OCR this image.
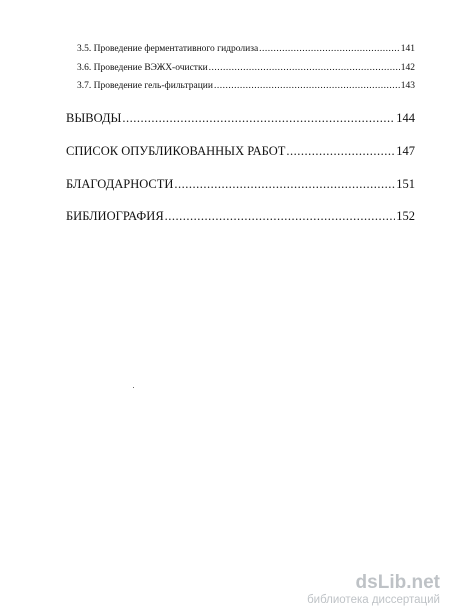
3.5. Проведение ферментативного гидролиза .....	141
3.6. Проведение ВЭЖХ-очистки .....	142
3.7. Проведение гель-фильтрации .....	143
ВЫВОДЫ .....	144
СПИСОК ОПУБЛИКОВАННЫХ РАБОТ .....	147
БЛАГОДАРНОСТИ .....	151
БИБЛИОГРАФИЯ .....	152
dsLib.net
библиотека диссертаций
